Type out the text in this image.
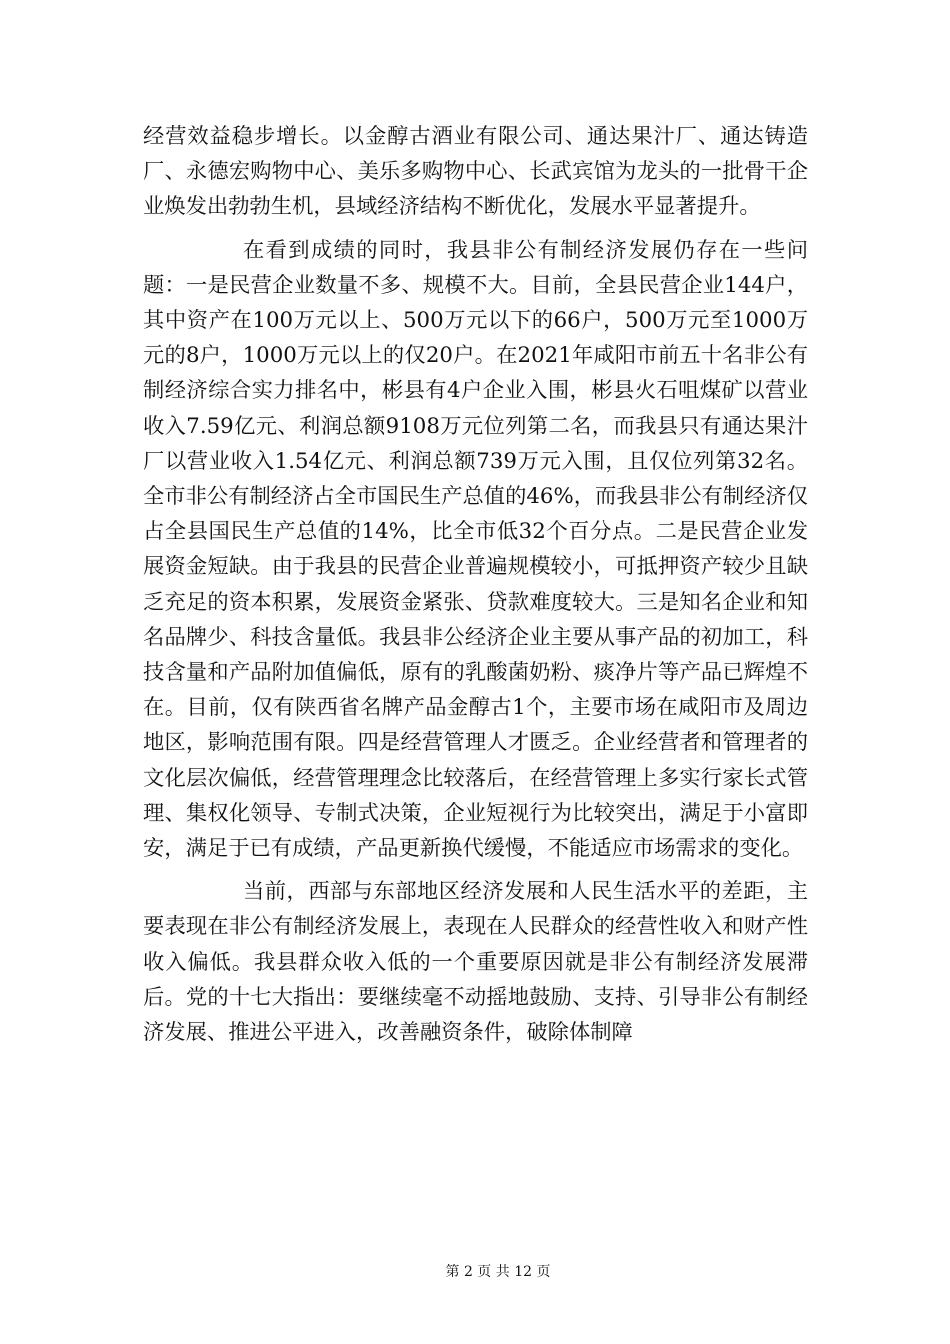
经营效益稳步增长。以金醇古酒业有限公司、通达果汁厂、通达铸造厂、永德宏购物中心、美乐多购物中心、长武宾馆为龙头的一批骨干企业焕发出勃勃生机，县域经济结构不断优化，发展水平显著提升。

在看到成绩的同时，我县非公有制经济发展仍存在一些问题：一是民营企业数量不多、规模不大。目前，全县民营企业144户，其中资产在100万元以上、500万元以下的66户，500万元至1000万元的8户，1000万元以上的仅20户。在2021年咸阳市前五十名非公有制经济综合实力排名中，彬县有4户企业入围，彬县火石咀煤矿以营业收入7.59亿元、利润总额9108万元位列第二名，而我县只有通达果汁厂以营业收入1.54亿元、利润总额739万元入围，且仅位列第32名。全市非公有制经济占全市国民生产总值的46%，而我县非公有制经济仅占全县国民生产总值的14%，比全市低32个百分点。二是民营企业发展资金短缺。由于我县的民营企业普遍规模较小，可抵押资产较少且缺乏充足的资本积累，发展资金紧张、贷款难度较大。三是知名企业和知名品牌少、科技含量低。我县非公经济企业主要从事产品的初加工，科技含量和产品附加值偏低，原有的乳酸菌奶粉、痰净片等产品已辉煌不在。目前，仅有陕西省名牌产品金醇古1个，主要市场在咸阳市及周边地区，影响范围有限。四是经营管理人才匮乏。企业经营者和管理者的文化层次偏低，经营管理理念比较落后，在经营管理上多实行家长式管理、集权化领导、专制式决策，企业短视行为比较突出，满足于小富即安，满足于已有成绩，产品更新换代缓慢，不能适应市场需求的变化。

当前，西部与东部地区经济发展和人民生活水平的差距，主要表现在非公有制经济发展上，表现在人民群众的经营性收入和财产性收入偏低。我县群众收入低的一个重要原因就是非公有制经济发展滞后。党的十七大指出：要继续毫不动摇地鼓励、支持、引导非公有制经济发展、推进公平进入，改善融资条件，破除体制障

第 2 页 共 12 页
